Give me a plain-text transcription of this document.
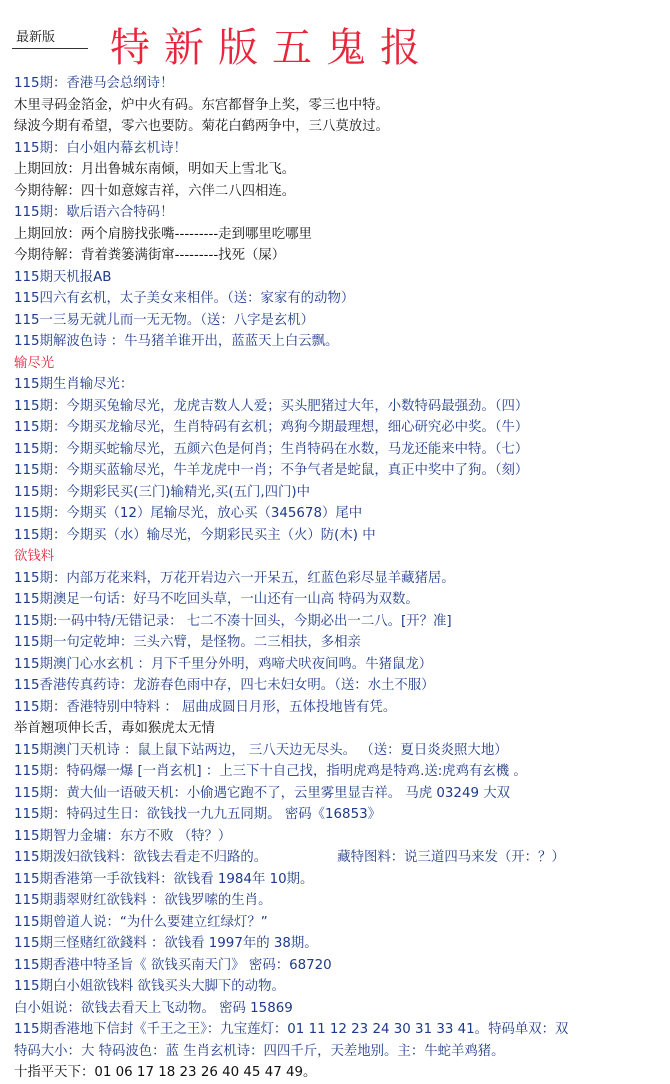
最新版 特新版五鬼报
115期：香港马会总纲诗！
木里寻码金箔金，炉中火有码。东宫都督争上奖，零三也中特。
绿波今期有希望，零六也要防。菊花白鹤两争中，三八莫放过。
115期：白小姐内幕玄机诗！
上期回放：月出鲁城东南倾，明如天上雪北飞。
今期待解：四十如意嫁吉祥，六伴二八四相连。
115期：歇后语六合特码！
上期回放：两个肩膀找张嘴---------走到哪里吃哪里
今期待解：背着粪篓满街窜---------找死（屎）
115期天机报AB
115四六有玄机，太子美女来相伴。（送：家家有的动物）
115一三易无就儿而一无无物。（送：八字是玄机）
115期解波色诗 ：牛马猪羊谁开出，蓝蓝天上白云飘。
输尽光
115期生肖输尽光：
115期：今期买兔输尽光，龙虎吉数人人爱；买头肥猪过大年，小数特码最强劲。（四）
115期：今期买龙输尽光，生肖特码有玄机；鸡狗今期最理想，细心研究必中奖。（牛）
115期：今期买蛇输尽光，五颜六色是何肖；生肖特码在水数，马龙还能来中特。（七）
115期：今期买蓝输尽光，牛羊龙虎中一肖；不争气者是蛇鼠，真正中奖中了狗。（刻）
115期：今期彩民买(三门)输精光,买(五门,四门)中
115期：今期买（12）尾输尽光，放心买（345678）尾中
115期：今期买（水）输尽光，今期彩民买主（火）防(木) 中
欲钱料
115期：内部万花来料，万花开岩边六一开呆五，红蓝色彩尽显羊藏猪居。
115期澳足一句话：好马不吃回头草，一山还有一山高 特码为双数。
115期:一码中特/无错记录： 七二不凑十回头，今期必出一二八。[开？准]
115期一句定乾坤：三头六臂，是怪物。二三相扶，多相亲
115期澳门心水玄机 ：月下千里分外明，鸡啼犬吠夜间鸣。牛猪鼠龙）
115香港传真药诗：龙游春色雨中存，四七未妇女明。（送：水土不服）
115期：香港特别中特料 ： 屈曲成圆日月形，五体投地皆有凭。
举首翘项伸长舌，毒如猴虎太无情
115期澳门天机诗 ：鼠上鼠下站两边， 三八天边无尽头。 （送：夏日炎炎照大地）
115期：特码爆一爆 [一肖玄机] ：上三下十自己找，指明虎鸡是特鸡.送:虎鸡有玄機 。
115期：黄大仙一语破天机：小偷遇它跑不了，云里雾里显吉祥。 马虎 03249 大双
115期：特码过生日：欲钱找一九九五同期。 密码《16853》
115期智力金墉：东方不败 （特？）
115期泼妇欲钱料：欲钱去看走不归路的。	藏特图料：说三道四马来发（开：？）
115期香港第一手欲钱料：欲钱看 1984年 10期。
115期翡翠财红欲钱料 ：欲钱罗嗦的生肖。
115期曾道人说：“为什么要建立红绿灯？”
115期三怪赌红欲錢料 ：欲钱看 1997年的 38期。
115期香港中特圣旨《 欲钱买南天门》 密码：68720
115期白小姐欲钱料 欲钱买头大脚下的动物。
白小姐说：欲钱去看天上飞动物。 密码 15869
115期香港地下信封《千王之王》：九宝莲灯：01 11 12 23 24 30 31 33 41。特码单双：双
特码大小：大 特码波色：蓝 生肖玄机诗：四四千斤，天差地别。主：牛蛇羊鸡猪。
十指平天下：01 06 17 18 23 26 40 45 47 49。
